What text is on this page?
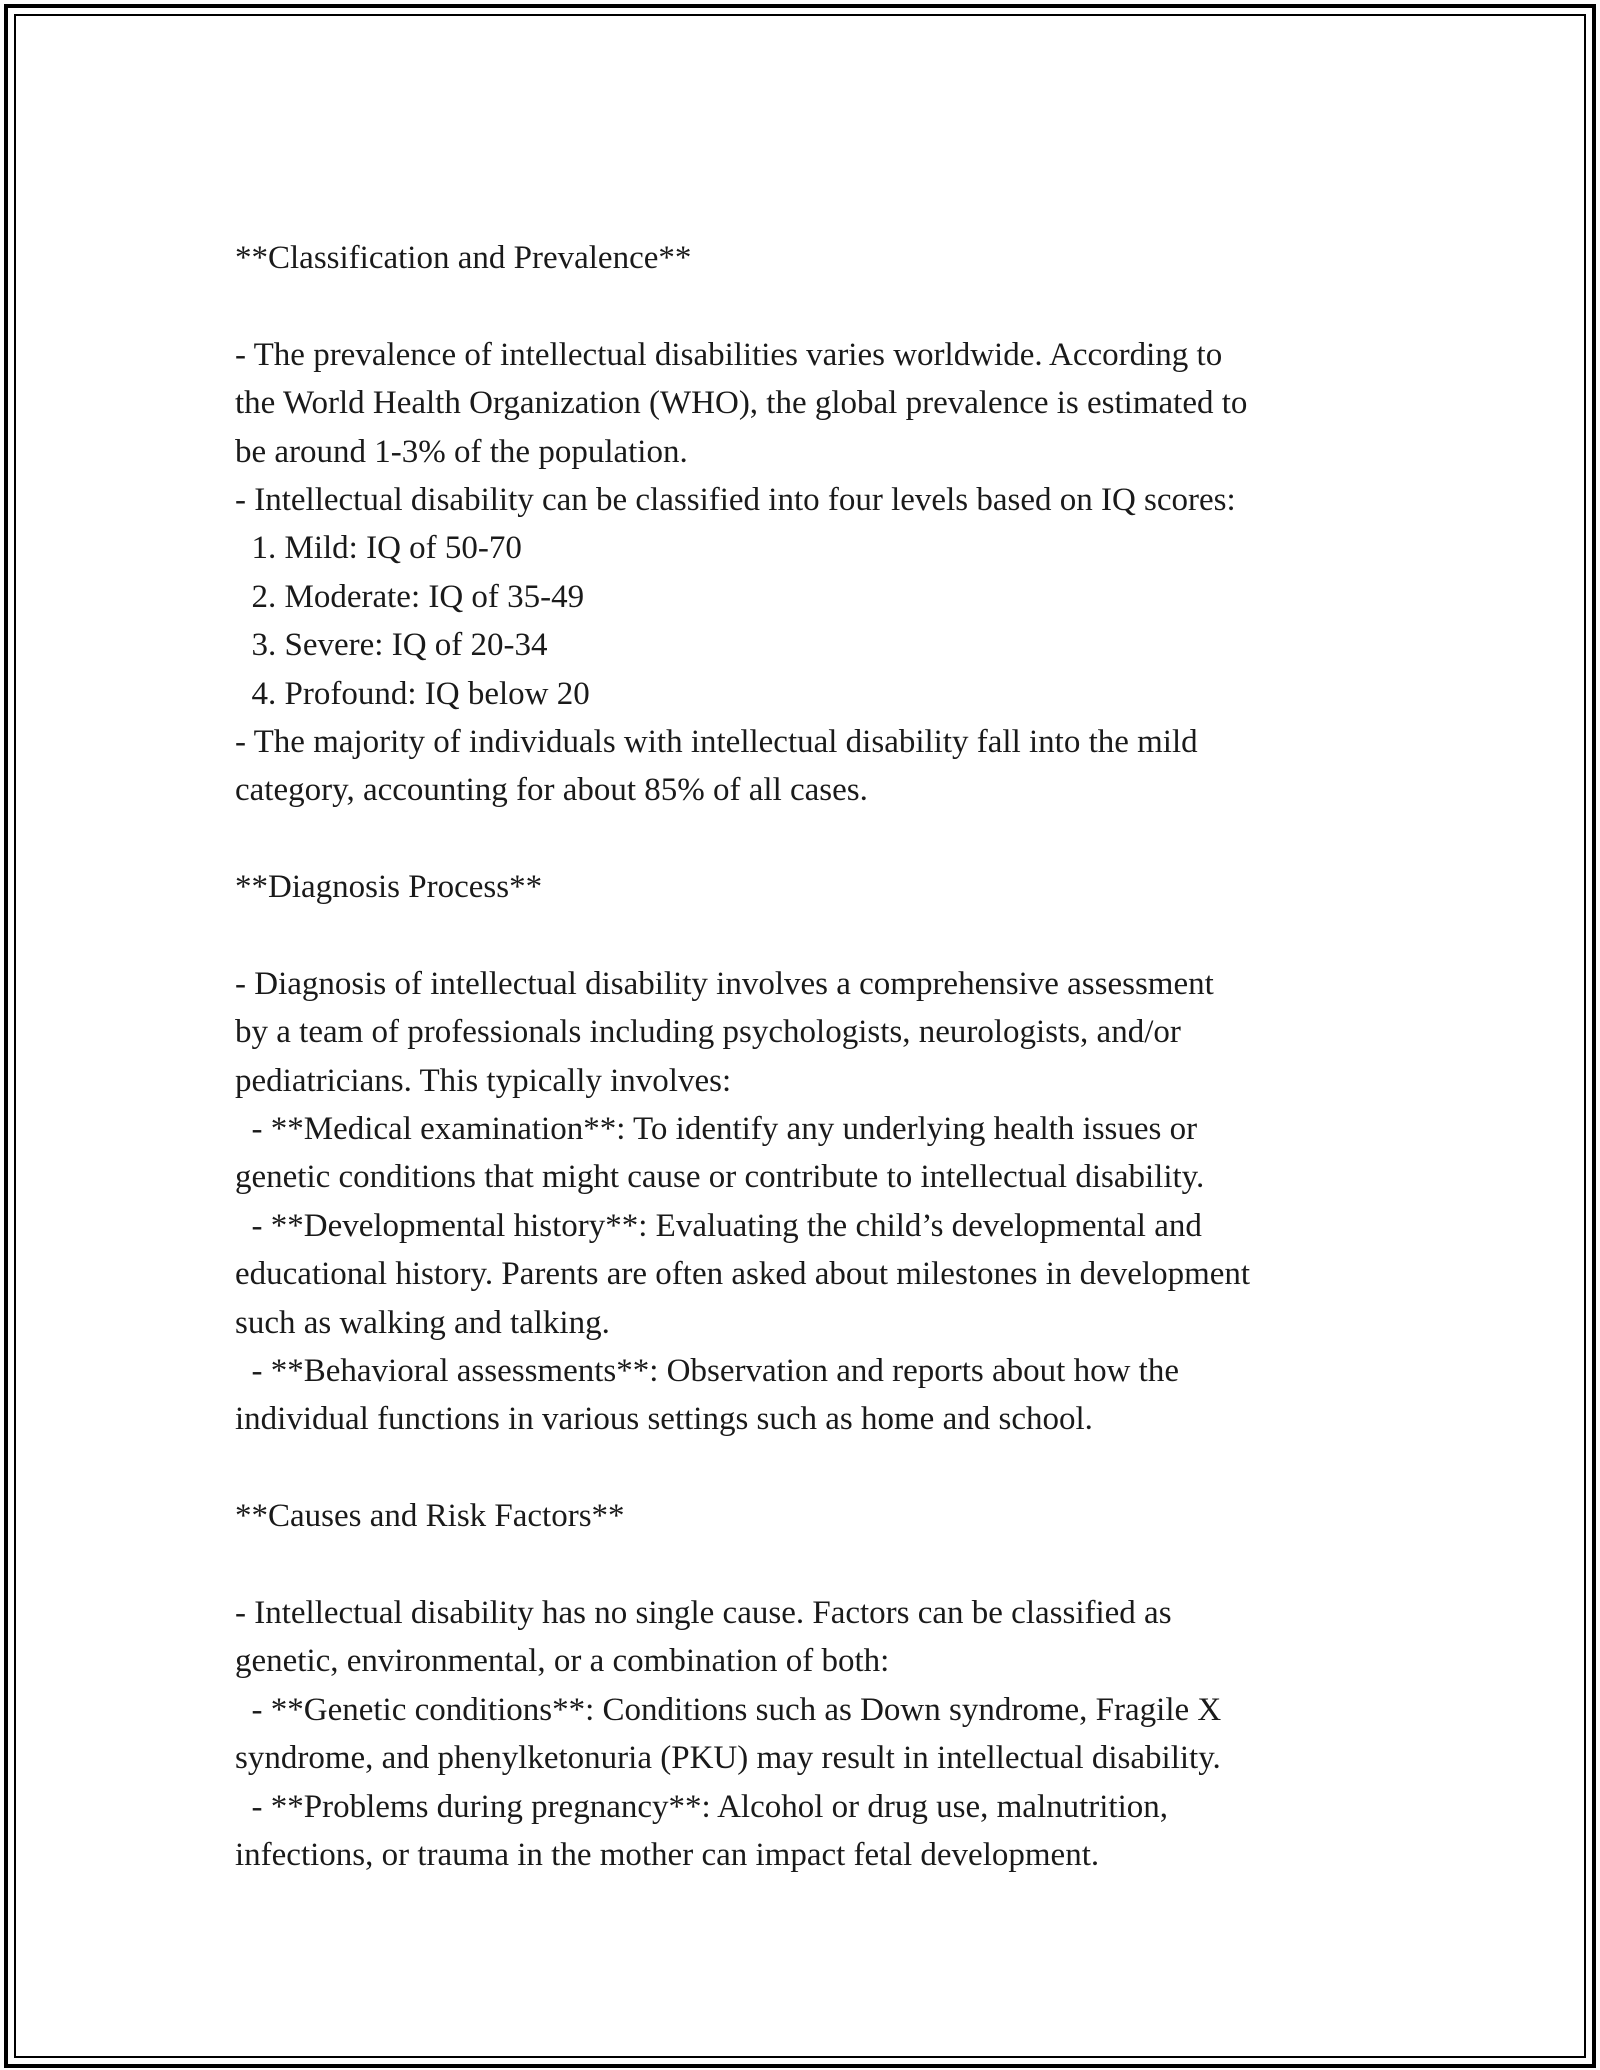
**Classification and Prevalence**
- The prevalence of intellectual disabilities varies worldwide. According to
the World Health Organization (WHO), the global prevalence is estimated to
be around 1-3% of the population.
- Intellectual disability can be classified into four levels based on IQ scores:
1. Mild: IQ of 50-70
2. Moderate: IQ of 35-49
3. Severe: IQ of 20-34
4. Profound: IQ below 20
- The majority of individuals with intellectual disability fall into the mild
category, accounting for about 85% of all cases.
**Diagnosis Process**
- Diagnosis of intellectual disability involves a comprehensive assessment
by a team of professionals including psychologists, neurologists, and/or
pediatricians. This typically involves:
- **Medical examination**: To identify any underlying health issues or
genetic conditions that might cause or contribute to intellectual disability.
- **Developmental history**: Evaluating the child’s developmental and
educational history. Parents are often asked about milestones in development
such as walking and talking.
- **Behavioral assessments**: Observation and reports about how the
individual functions in various settings such as home and school.
**Causes and Risk Factors**
- Intellectual disability has no single cause. Factors can be classified as
genetic, environmental, or a combination of both:
- **Genetic conditions**: Conditions such as Down syndrome, Fragile X
syndrome, and phenylketonuria (PKU) may result in intellectual disability.
- **Problems during pregnancy**: Alcohol or drug use, malnutrition,
infections, or trauma in the mother can impact fetal development.
